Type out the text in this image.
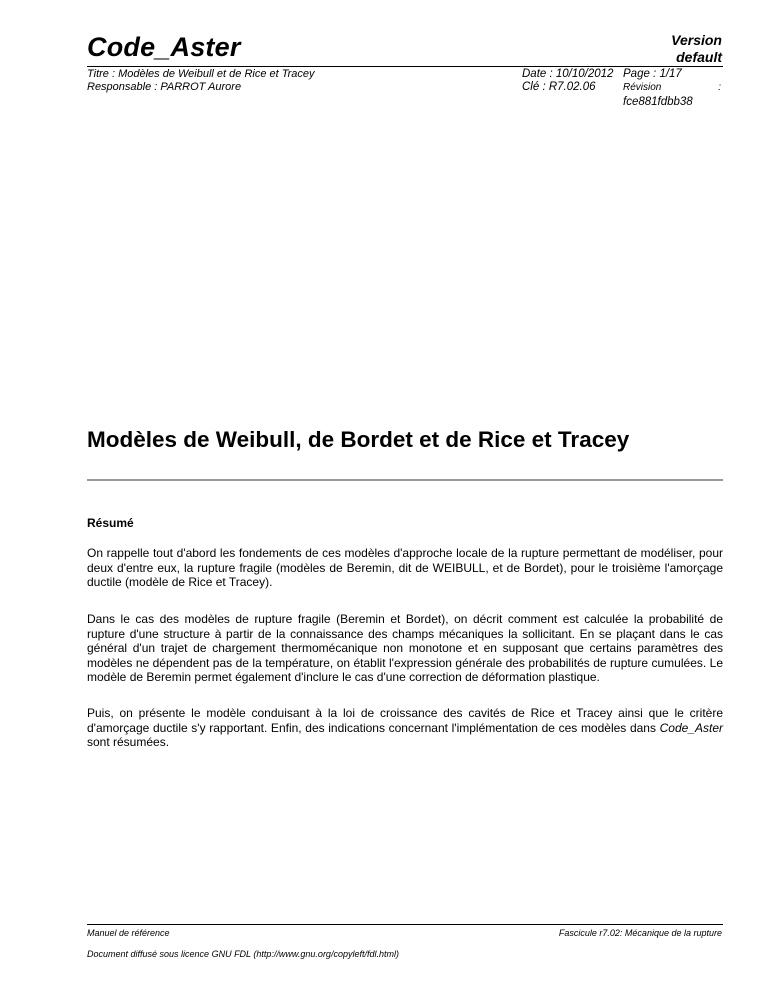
Code_Aster	Version
default
Titre : Modèles de Weibull et de Rice et Tracey
Responsable : PARROT Aurore
Date : 10/10/2012
Clé : R7.02.06
Page : 1/17
Révision	:
fce881fdbb38
Modèles de Weibull, de Bordet et de Rice et Tracey
Résumé
On rappelle tout d'abord les fondements de ces modèles d'approche locale de la rupture permettant de modéliser, pour deux d'entre eux, la rupture fragile (modèles de Beremin, dit de WEIBULL, et de Bordet), pour le troisième l'amorçage ductile (modèle de Rice et Tracey).
Dans le cas des modèles de rupture fragile (Beremin et Bordet), on décrit comment est calculée la probabilité de rupture d'une structure à partir de la connaissance des champs mécaniques la sollicitant. En se plaçant dans le cas général d'un trajet de chargement thermomécanique non monotone et en supposant que certains paramètres des modèles ne dépendent pas de la température, on établit l'expression générale des probabilités de rupture cumulées. Le modèle de Beremin permet également d'inclure le cas d'une correction de déformation plastique.
Puis, on présente le modèle conduisant à la loi de croissance des cavités de Rice et Tracey ainsi que le critère d'amorçage ductile s'y rapportant. Enfin, des indications concernant l'implémentation de ces modèles dans Code_Aster sont résumées.
Manuel de référence	Fascicule r7.02: Mécanique de la rupture
Document diffusé sous licence GNU FDL (http://www.gnu.org/copyleft/fdl.html)
